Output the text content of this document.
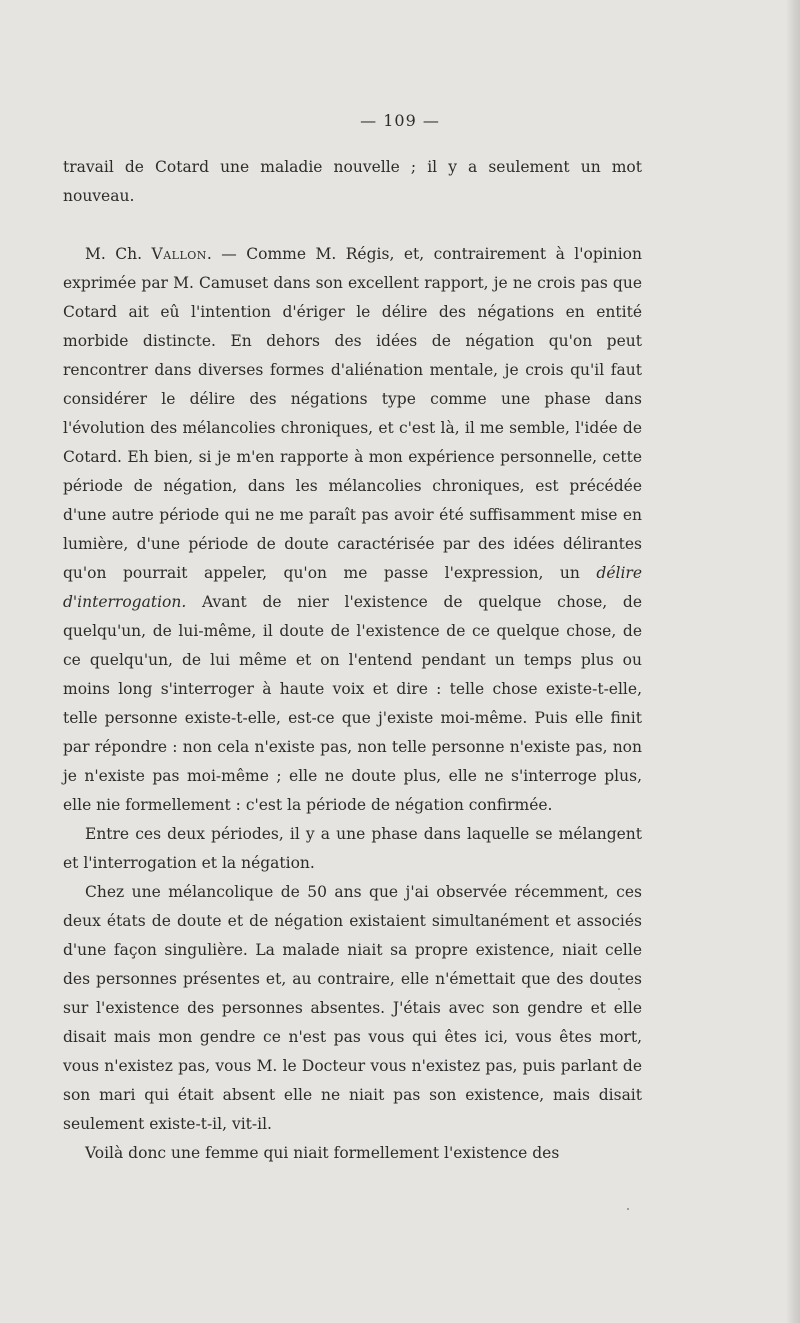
— 109 —

travail de Cotard une maladie nouvelle ; il y a seulement un mot nouveau.

M. Ch. Vallon. — Comme M. Régis, et, contrairement à l'opinion exprimée par M. Camuset dans son excellent rapport, je ne crois pas que Cotard ait eû l'intention d'ériger le délire des négations en entité morbide distincte. En dehors des idées de négation qu'on peut rencontrer dans diverses formes d'aliénation mentale, je crois qu'il faut considérer le délire des négations type comme une phase dans l'évolution des mélancolies chroniques, et c'est là, il me semble, l'idée de Cotard. Eh bien, si je m'en rapporte à mon expérience personnelle, cette période de négation, dans les mélancolies chroniques, est précédée d'une autre période qui ne me paraît pas avoir été suffisamment mise en lumière, d'une période de doute caractérisée par des idées délirantes qu'on pourrait appeler, qu'on me passe l'expression, un délire d'interrogation. Avant de nier l'existence de quelque chose, de quelqu'un, de lui-même, il doute de l'existence de ce quelque chose, de ce quelqu'un, de lui même et on l'entend pendant un temps plus ou moins long s'interroger à haute voix et dire : telle chose existe-t-elle, telle personne existe-t-elle, est-ce que j'existe moi-même. Puis elle finit par répondre : non cela n'existe pas, non telle personne n'existe pas, non je n'existe pas moi-même ; elle ne doute plus, elle ne s'interroge plus, elle nie formellement : c'est la période de négation confirmée.

Entre ces deux périodes, il y a une phase dans laquelle se mélangent et l'interrogation et la négation.

Chez une mélancolique de 50 ans que j'ai observée récemment, ces deux états de doute et de négation existaient simultanément et associés d'une façon singulière. La malade niait sa propre existence, niait celle des personnes présentes et, au contraire, elle n'émettait que des doutes sur l'existence des personnes absentes. J'étais avec son gendre et elle disait mais mon gendre ce n'est pas vous qui êtes ici, vous êtes mort, vous n'existez pas, vous M. le Docteur vous n'existez pas, puis parlant de son mari qui était absent elle ne niait pas son existence, mais disait seulement existe-t-il, vit-il.

Voilà donc une femme qui niait formellement l'existence des
